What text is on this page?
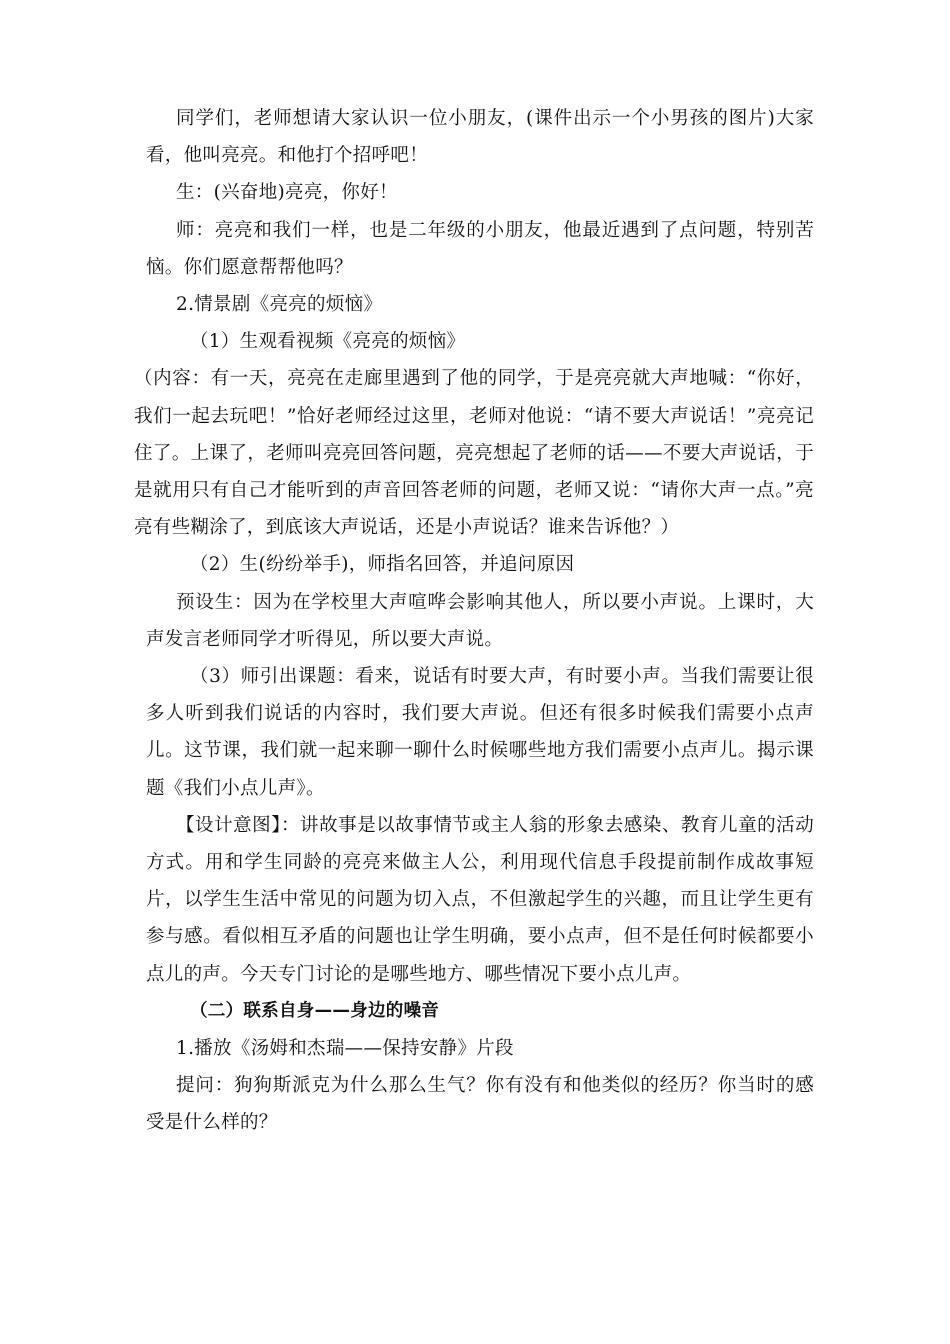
同学们，老师想请大家认识一位小朋友，(课件出示一个小男孩的图片)大家看，他叫亮亮。和他打个招呼吧！

生：(兴奋地)亮亮，你好！

师：亮亮和我们一样，也是二年级的小朋友，他最近遇到了点问题，特别苦恼。你们愿意帮帮他吗？

2.情景剧《亮亮的烦恼》

（1）生观看视频《亮亮的烦恼》

（内容：有一天，亮亮在走廊里遇到了他的同学，于是亮亮就大声地喊：“你好，我们一起去玩吧！”恰好老师经过这里，老师对他说：“请不要大声说话！”亮亮记住了。上课了，老师叫亮亮回答问题，亮亮想起了老师的话——不要大声说话，于是就用只有自己才能听到的声音回答老师的问题，老师又说：“请你大声一点。”亮亮有些糊涂了，到底该大声说话，还是小声说话？谁来告诉他？）

（2）生(纷纷举手)，师指名回答，并追问原因

预设生：因为在学校里大声喧哗会影响其他人，所以要小声说。上课时，大声发言老师同学才听得见，所以要大声说。

（3）师引出课题：看来，说话有时要大声，有时要小声。当我们需要让很多人听到我们说话的内容时，我们要大声说。但还有很多时候我们需要小点声儿。这节课，我们就一起来聊一聊什么时候哪些地方我们需要小点声儿。揭示课题《我们小点儿声》。

【设计意图】：讲故事是以故事情节或主人翁的形象去感染、教育儿童的活动方式。用和学生同龄的亮亮来做主人公，利用现代信息手段提前制作成故事短片，以学生生活中常见的问题为切入点，不但激起学生的兴趣，而且让学生更有参与感。看似相互矛盾的问题也让学生明确，要小点声，但不是任何时候都要小点儿的声。今天专门讨论的是哪些地方、哪些情况下要小点儿声。

（二）联系自身——身边的噪音

1.播放《汤姆和杰瑞——保持安静》片段

提问：狗狗斯派克为什么那么生气？你有没有和他类似的经历？你当时的感受是什么样的？
